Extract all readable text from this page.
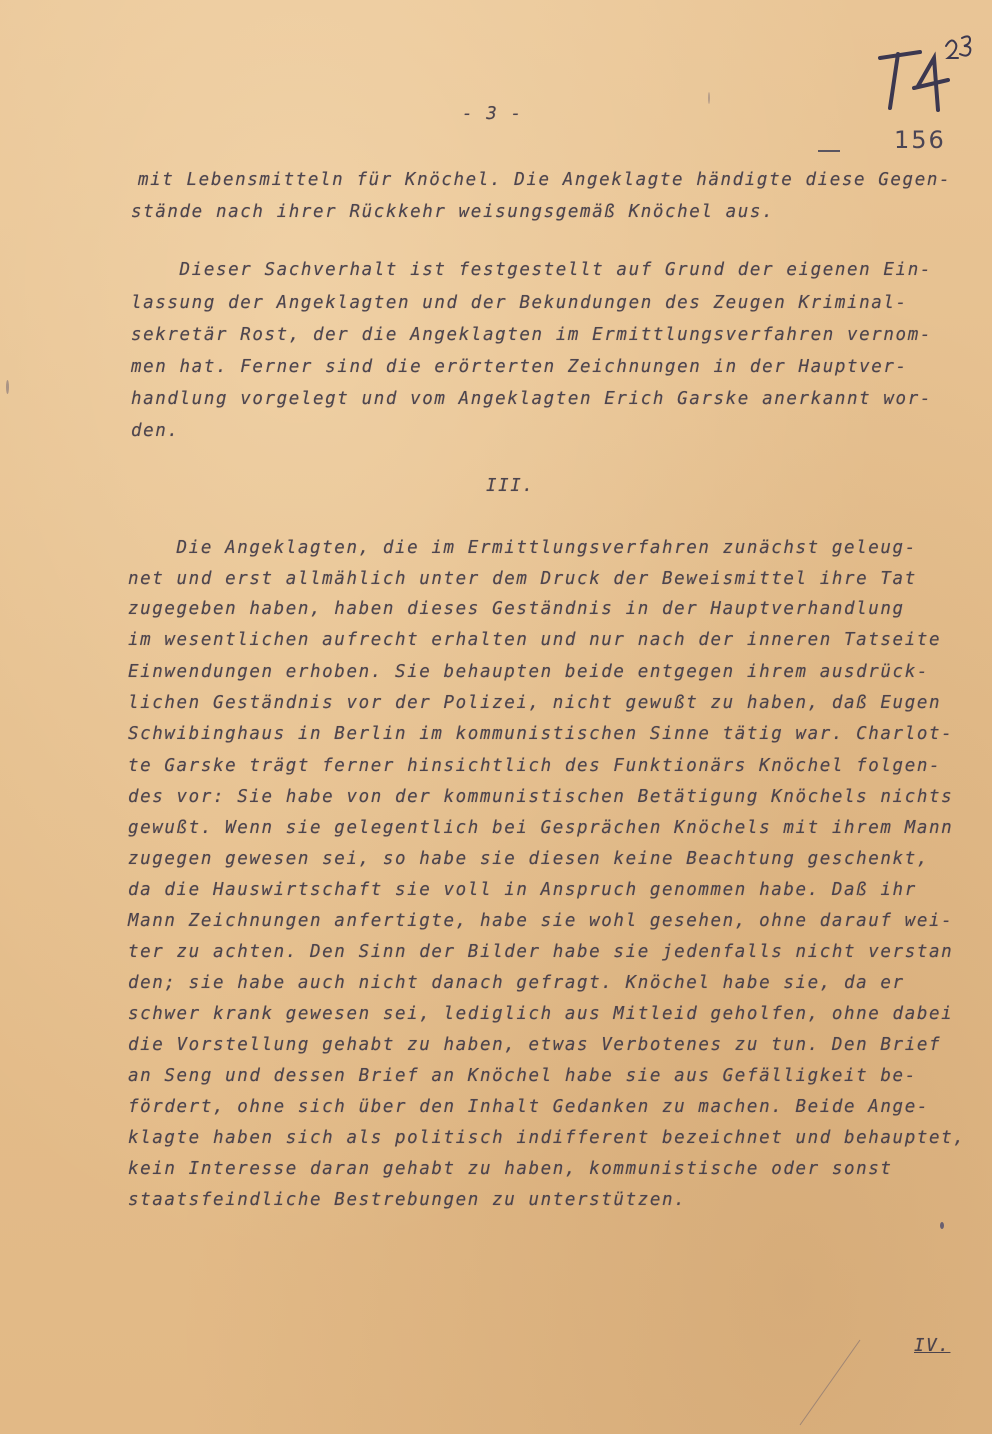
- 3 -
156
mit Lebensmitteln für Knöchel. Die Angeklagte händigte diese Gegen-
stände nach ihrer Rückkehr weisungsgemäß Knöchel aus.
Dieser Sachverhalt ist festgestellt auf Grund der eigenen Ein-
lassung der Angeklagten und der Bekundungen des Zeugen Kriminal-
sekretär Rost, der die Angeklagten im Ermittlungsverfahren vernom-
men hat. Ferner sind die erörterten Zeichnungen in der Hauptver-
handlung vorgelegt und vom Angeklagten Erich Garske anerkannt wor-
den.
III.
Die Angeklagten, die im Ermittlungsverfahren zunächst geleug-
net und erst allmählich unter dem Druck der Beweismittel ihre Tat
zugegeben haben, haben dieses Geständnis in der Hauptverhandlung
im wesentlichen aufrecht erhalten und nur nach der inneren Tatseite
Einwendungen erhoben. Sie behaupten beide entgegen ihrem ausdrück-
lichen Geständnis vor der Polizei, nicht gewußt zu haben, daß Eugen
Schwibinghaus in Berlin im kommunistischen Sinne tätig war. Charlot-
te Garske trägt ferner hinsichtlich des Funktionärs Knöchel folgen-
des vor: Sie habe von der kommunistischen Betätigung Knöchels nichts
gewußt. Wenn sie gelegentlich bei Gesprächen Knöchels mit ihrem Mann
zugegen gewesen sei, so habe sie diesen keine Beachtung geschenkt,
da die Hauswirtschaft sie voll in Anspruch genommen habe. Daß ihr
Mann Zeichnungen anfertigte, habe sie wohl gesehen, ohne darauf wei-
ter zu achten. Den Sinn der Bilder habe sie jedenfalls nicht verstan
den; sie habe auch nicht danach gefragt. Knöchel habe sie, da er
schwer krank gewesen sei, lediglich aus Mitleid geholfen, ohne dabei
die Vorstellung gehabt zu haben, etwas Verbotenes zu tun. Den Brief
an Seng und dessen Brief an Knöchel habe sie aus Gefälligkeit be-
fördert, ohne sich über den Inhalt Gedanken zu machen. Beide Ange-
klagte haben sich als politisch indifferent bezeichnet und behauptet,
kein Interesse daran gehabt zu haben, kommunistische oder sonst
staatsfeindliche Bestrebungen zu unterstützen.
IV.
